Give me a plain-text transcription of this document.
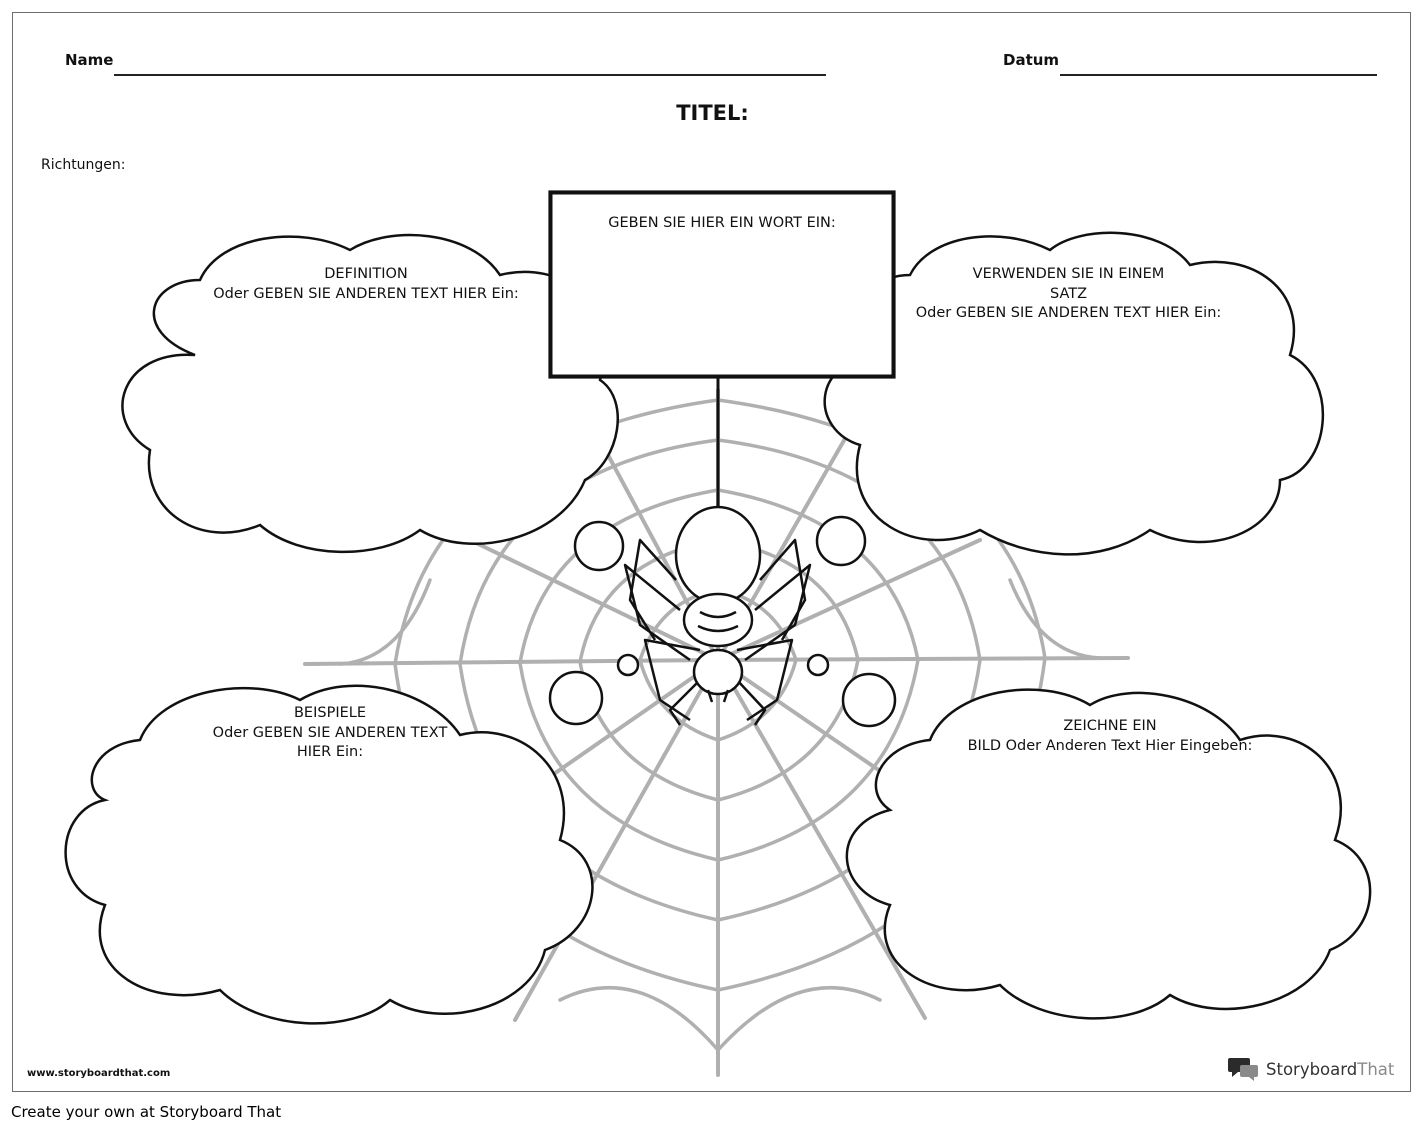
Name	Datum
TITEL:
Richtungen:
GEBEN SIE HIER EIN WORT EIN:
DEFINITION
Oder GEBEN SIE ANDEREN TEXT HIER Ein:
VERWENDEN SIE IN EINEM
SATZ
Oder GEBEN SIE ANDEREN TEXT HIER Ein:
BEISPIELE
Oder GEBEN SIE ANDEREN TEXT
HIER Ein:
ZEICHNE EIN
BILD Oder Anderen Text Hier Eingeben:
www.storyboardthat.com	StoryboardThat
Create your own at Storyboard That
